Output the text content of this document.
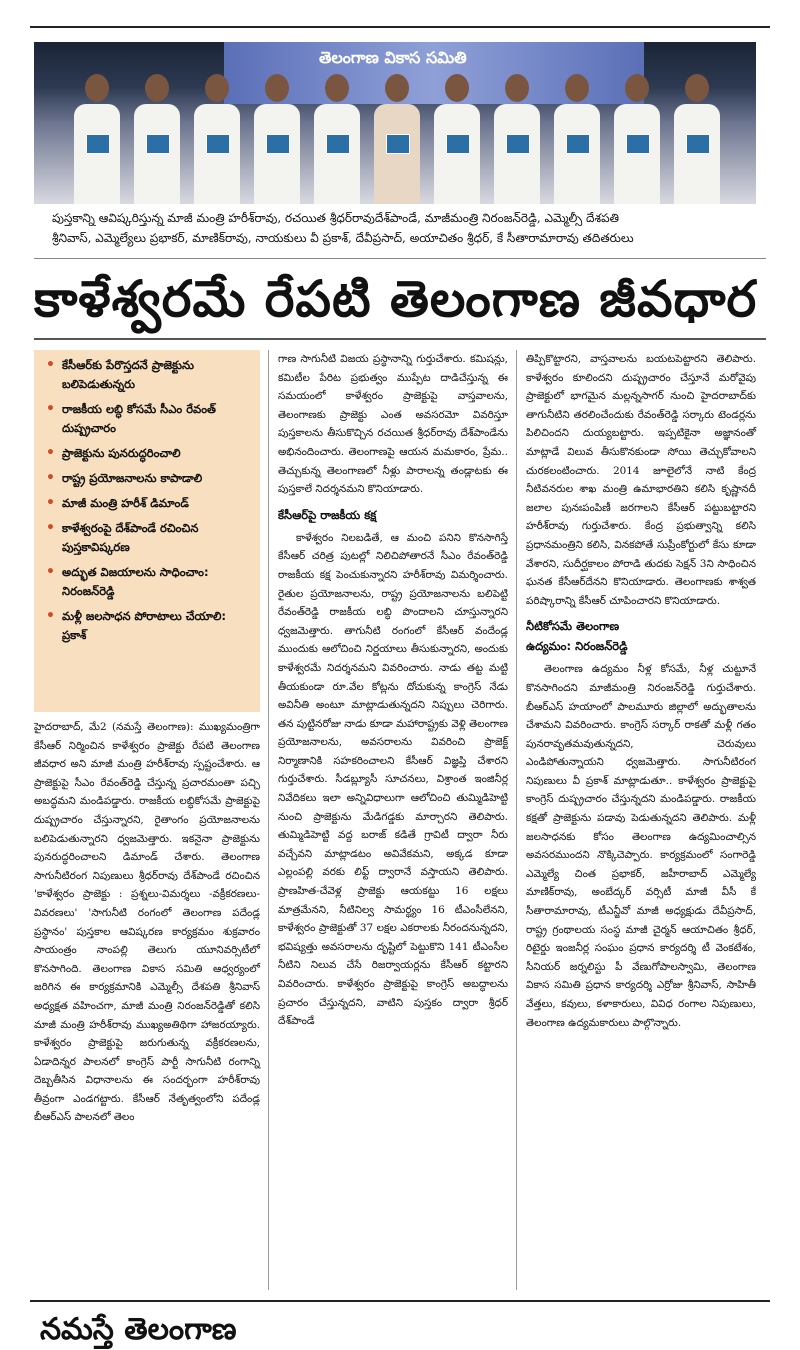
తెలంగాణ వికాస సమితి
పుస్తకాన్ని ఆవిష్కరిస్తున్న మాజీ మంత్రి హరీశ్‌రావు, రచయిత శ్రీధర్‌రావుదేశ్‌పాండే, మాజీమంత్రి నిరంజన్‌రెడ్డి, ఎమ్మెల్సీ దేశపతి
శ్రీనివాస్, ఎమ్మెల్యేలు ప్రభాకర్, మాణిక్‌రావు, నాయకులు వీ ప్రకాశ్, దేవీప్రసాద్, అయాచితం శ్రీధర్, కే సీతారామారావు తదితరులు
కాళేశ్వరమే రేపటి తెలంగాణ జీవధార
• కేసీఆర్‌కు పేరొస్తదనే ప్రాజెక్టును బలిపెడుతున్నరు
• రాజకీయ లబ్ధి కోసమే సీఎం రేవంత్ దుష్ప్రచారం
• ప్రాజెక్టును పునరుద్ధరించాలి
• రాష్ట్ర ప్రయోజనాలను కాపాడాలి
• మాజీ మంత్రి హరీశ్ డిమాండ్
• కాళేశ్వరంపై దేశ్‌పాండే రచించిన పుస్తకావిష్కరణ
• అద్భుత విజయాలను సాధించాం: నిరంజన్‌రెడ్డి
• మళ్లీ జలసాధన పోరాటాలు చేయాలి: ప్రకాశ్

హైదరాబాద్, మే2 (నమస్తే తెలంగాణ): ముఖ్యమంత్రిగా కేసీఆర్ నిర్మించిన కాళేశ్వరం ప్రాజెక్టు రేపటి తెలంగాణ జీవధార అని మాజీ మంత్రి హరీశ్‌రావు స్పష్టంచేశారు. ఆ ప్రాజెక్టుపై సీఎం రేవంత్‌రెడ్డి చేస్తున్న ప్రచారమంతా పచ్చి అబద్ధమని మండిపడ్డారు. రాజకీయ లబ్ధికోసమే ప్రాజెక్టుపై దుష్ప్రచారం చేస్తున్నారని, రైతాంగం ప్రయోజనాలను బలిపెడుతున్నారని ధ్వజమెత్తారు. ఇకనైనా ప్రాజెక్టును పునరుద్ధరించాలని డిమాండ్ చేశారు. తెలంగాణ సాగునీటిరంగ నిపుణులు శ్రీధర్‌రావు దేశ్‌పాండే రచించిన 'కాళేశ్వరం ప్రాజెక్టు : ప్రశ్నలు-విమర్శలు -వక్రీకరణలు-వివరణలు' 'సాగునీటి రంగంలో తెలంగాణ పదేండ్ల ప్రస్థానం' పుస్తకాల ఆవిష్కరణ కార్యక్రమం శుక్రవారం సాయంత్రం నాంపల్లి తెలుగు యూనివర్సిటీలో కొనసాగింది. తెలంగాణ వికాస సమితి ఆధ్వర్యంలో జరిగిన ఈ కార్యక్రమానికి ఎమ్మెల్సీ దేశపతి శ్రీనివాస్ అధ్యక్షత వహించగా, మాజీ మంత్రి నిరంజన్‌రెడ్డితో కలిసి మాజీ మంత్రి హరీశ్‌రావు ముఖ్యఅతిథిగా హాజరయ్యారు. కాళేశ్వరం ప్రాజెక్టుపై జరుగుతున్న వక్రీకరణలను, ఏడాదిన్నర పాలనలో కాంగ్రెస్ పార్టీ సాగునీటి రంగాన్ని దెబ్బతీసిన విధానాలను ఈ సందర్భంగా హరీశ్‌రావు తీవ్రంగా ఎండగట్టారు. కేసీఆర్ నేతృత్వంలోని పదేండ్ల బీఆర్‌ఎస్ పాలనలో తెలం

గాణ సాగునీటి విజయ ప్రస్థానాన్ని గుర్తుచేశారు. కమిషన్లు, కమిటీల పేరిట ప్రభుత్వం ముప్పేట దాడిచేస్తున్న ఈ సమయంలో కాళేశ్వరం ప్రాజెక్టుపై వాస్తవాలను, తెలంగాణకు ప్రాజెక్టు ఎంత అవసరమో వివరిస్తూ పుస్తకాలను తీసుకొచ్చిన రచయిత శ్రీధర్‌రావు దేశ్‌పాండేను అభినందించారు. తెలంగాణపై ఆయన మమకారం, ప్రేమ.. తెచ్చుకున్న తెలంగాణలో నీళ్లు పారాలన్న తండ్లాటకు ఈ పుస్తకాలే నిదర్శనమని కొనియాడారు.

కేసీఆర్‌పై రాజకీయ కక్ష

కాళేశ్వరం నిలబడితే, ఆ మంచి పనిని కొనసాగిస్తే కేసీఆర్ చరిత్ర పుటల్లో నిలిచిపోతారనే సీఎం రేవంత్‌రెడ్డి రాజకీయ కక్ష పెంచుకున్నారని హరీశ్‌రావు విమర్శించారు. రైతుల ప్రయోజనాలను, రాష్ట్ర ప్రయోజనాలను బలిపెట్టి రేవంత్‌రెడ్డి రాజకీయ లబ్ధి పొందాలని చూస్తున్నారని ధ్వజమెత్తారు. తాగునీటి రంగంలో కేసీఆర్ వందేండ్ల ముందుకు ఆలోచించి నిర్ణయాలు తీసుకున్నారని, అందుకు కాళేశ్వరమే నిదర్శనమని వివరించారు. నాడు తట్ట మట్టి తీయకుండా రూ.వేల కోట్లను దోచుకున్న కాంగ్రెస్ నేడు అవినీతి అంటూ మాట్లాడుతున్నదని నిప్పులు చెరిగారు. తన పుట్టినరోజు నాడు కూడా మహారాష్ట్రకు వెళ్లి తెలంగాణ ప్రయోజనాలను, అవసరాలను వివరించి ప్రాజెక్ట్ నిర్మాణానికి సహకరించాలని కేసీఆర్ విజ్ఞప్తి చేశారని గుర్తుచేశారు. సీడబ్ల్యూసీ సూచనలు, విశ్రాంత ఇంజినీర్ల నివేదికలు ఇలా అన్నివిధాలుగా ఆలోచించి తుమ్మిడిహెట్టి నుంచి ప్రాజెక్టును మేడిగడ్డకు మార్చారని తెలిపారు. తుమ్మిడిహెట్టి వద్ద బరాజ్ కడితే గ్రావిటీ ద్వారా నీరు వచ్చేవని మాట్లాడటం అవివేకమని, అక్కడ కూడా ఎల్లంపల్లి వరకు లిఫ్ట్ ద్వారానే వస్తాయని తెలిపారు. ప్రాణహిత-చేవెళ్ల ప్రాజెక్టు ఆయకట్టు 16 లక్షలు మాత్రమేనని, నీటినిల్వ సామర్థ్యం 16 టీఎంసీలేనని, కాళేశ్వరం ప్రాజెక్టుతో 37 లక్షల ఎకరాలకు నీరందనున్నదని, భవిష్యత్తు అవసరాలను దృష్టిలో పెట్టుకొని 141 టీఎంసీల నీటిని నిలువ చేసే రిజర్వాయర్లను కేసీఆర్ కట్టారని వివరించారు. కాళేశ్వరం ప్రాజెక్టుపై కాంగ్రెస్ అబద్ధాలను ప్రచారం చేస్తున్నదని, వాటిని పుస్తకం ద్వారా శ్రీధర్ దేశ్‌పాండే

తిప్పికొట్టారని, వాస్తవాలను బయటపెట్టారని తెలిపారు. కాళేశ్వరం కూలిందని దుష్ప్రచారం చేస్తూనే మరోవైపు ప్రాజెక్టులో భాగమైన మల్లన్నసాగర్ నుంచి హైదరాబాద్‌కు తాగునీటిని తరలించేందుకు రేవంత్‌రెడ్డి సర్కారు టెండర్లను పిలిచిందని దుయ్యబట్టారు. ఇప్పటికైనా అజ్ఞానంతో మాట్లాడే విలువ తీసుకొనకుండా సోయి తెచ్చుకోవాలని చురకలంటించారు. 2014 జూలైలోనే నాటి కేంద్ర నీటివనరుల శాఖ మంత్రి ఉమాభారతిని కలిసి కృష్ణానదీ జలాల పునఃపంపిణీ జరగాలని కేసీఆర్ పట్టుబట్టారని హరీశ్‌రావు గుర్తుచేశారు. కేంద్ర ప్రభుత్వాన్ని కలిసి ప్రధానమంత్రిని కలిసి, వినకపోతే సుప్రీంకోర్టులో కేసు కూడా వేశారని, సుదీర్ఘకాలం పోరాడి తుదకు సెక్షన్ 3ని సాధించిన ఘనత కేసీఆర్‌దేనని కొనియాడారు. తెలంగాణకు శాశ్వత పరిష్కారాన్ని కేసీఆర్ చూపించారని కొనియాడారు.

నీటికోసమే తెలంగాణ
ఉద్యమం: నిరంజన్‌రెడ్డి

తెలంగాణ ఉద్యమం నీళ్ల కోసమే, నీళ్ల చుట్టూనే కొనసాగిందని మాజీమంత్రి నిరంజన్‌రెడ్డి గుర్తుచేశారు. బీఆర్‌ఎస్ హయాంలో పాలమూరు జిల్లాలో అద్భుతాలను చేశామని వివరించారు. కాంగ్రెస్ సర్కార్ రాకతో మళ్లీ గతం పునరావృతమవుతున్నదని, చెరువులు ఎండిపోతున్నాయని ధ్వజమెత్తారు. సాగునీటిరంగ నిపుణులు వీ ప్రకాశ్ మాట్లాడుతూ.. కాళేశ్వరం ప్రాజెక్టుపై కాంగ్రెస్ దుష్ప్రచారం చేస్తున్నదని మండిపడ్డారు. రాజకీయ కక్షతో ప్రాజెక్టును పడావు పెడుతున్నదని తెలిపారు. మళ్లీ జలసాధనకు కోసం తెలంగాణ ఉద్యమించాల్సిన అవసరముందని నొక్కిచెప్పారు. కార్యక్రమంలో సంగారెడ్డి ఎమ్మెల్యే చింత ప్రభాకర్, జహీరాబాద్ ఎమ్మెల్యే మాణిక్‌రావు, అంబేద్కర్ వర్సిటీ మాజీ వీసీ కే సీతారామారావు, టీఎన్జీవో మాజీ అధ్యక్షుడు దేవీప్రసాద్, రాష్ట్ర గ్రంథాలయ సంస్థ మాజీ చైర్మన్ ఆయాచితం శ్రీధర్, రిటైర్డు ఇంజనీర్ల సంఘం ప్రధాన కార్యదర్శి టీ వెంకటేశం, సీనియర్ జర్నలిస్టు పీ వేణుగోపాలస్వామి, తెలంగాణ వికాస సమితి ప్రధాన కార్యదర్శి ఎర్రోజు శ్రీనివాస్, సాహితీ వేత్తలు, కవులు, కళాకారులు, వివిధ రంగాల నిపుణులు, తెలంగాణ ఉద్యమకారులు పాల్గొన్నారు.

నమస్తే తెలంగాణ
